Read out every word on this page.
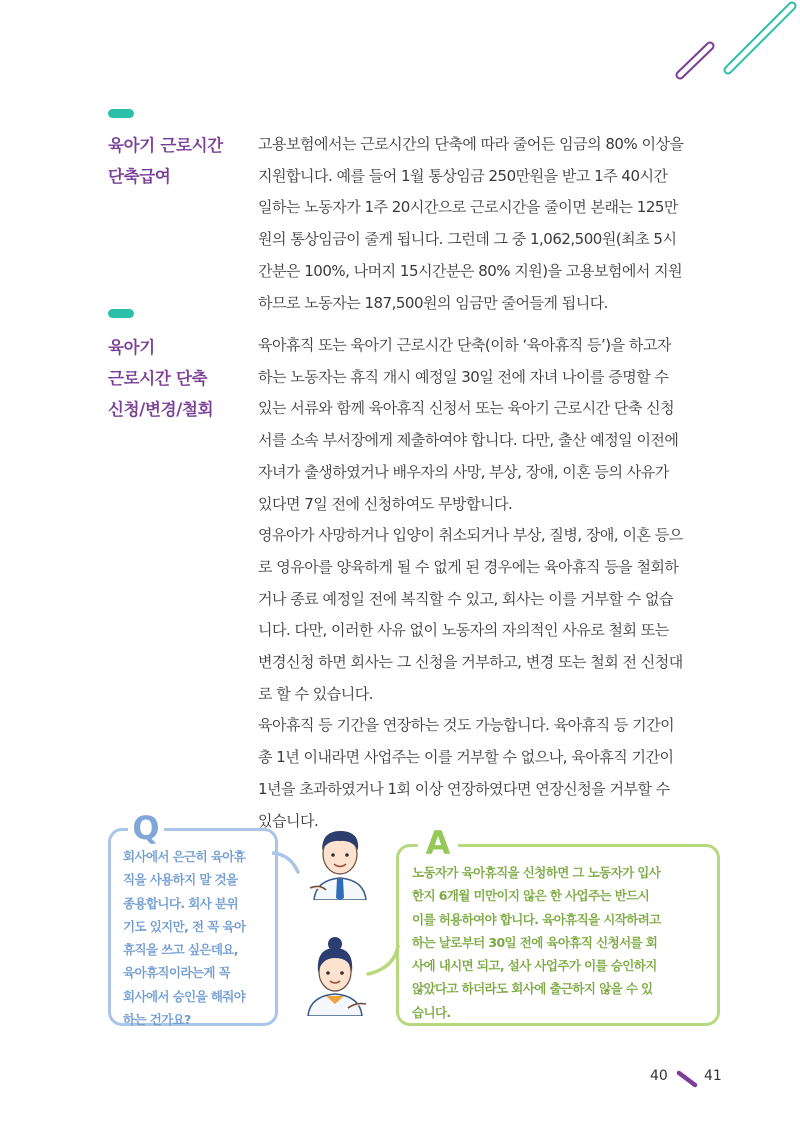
육아기 근로시간
단축급여
고용보험에서는 근로시간의 단축에 따라 줄어든 임금의 80% 이상을
지원합니다. 예를 들어 1월 통상임금 250만원을 받고 1주 40시간
일하는 노동자가 1주 20시간으로 근로시간을 줄이면 본래는 125만
원의 통상임금이 줄게 됩니다. 그런데 그 중 1,062,500원(최초 5시
간분은 100%, 나머지 15시간분은 80% 지원)을 고용보험에서 지원
하므로 노동자는 187,500원의 임금만 줄어들게 됩니다.
육아기
근로시간 단축
신청/변경/철회
육아휴직 또는 육아기 근로시간 단축(이하 ‘육아휴직 등’)을 하고자
하는 노동자는 휴직 개시 예정일 30일 전에 자녀 나이를 증명할 수
있는 서류와 함께 육아휴직 신청서 또는 육아기 근로시간 단축 신청
서를 소속 부서장에게 제출하여야 합니다. 다만, 출산 예정일 이전에
자녀가 출생하였거나 배우자의 사망, 부상, 장애, 이혼 등의 사유가
있다면 7일 전에 신청하여도 무방합니다.
영유아가 사망하거나 입양이 취소되거나 부상, 질병, 장애, 이혼 등으
로 영유아를 양육하게 될 수 없게 된 경우에는 육아휴직 등을 철회하
거나 종료 예정일 전에 복직할 수 있고, 회사는 이를 거부할 수 없습
니다. 다만, 이러한 사유 없이 노동자의 자의적인 사유로 철회 또는
변경신청 하면 회사는 그 신청을 거부하고, 변경 또는 철회 전 신청대
로 할 수 있습니다.
육아휴직 등 기간을 연장하는 것도 가능합니다. 육아휴직 등 기간이
총 1년 이내라면 사업주는 이를 거부할 수 없으나, 육아휴직 기간이
1년을 초과하였거나 1회 이상 연장하였다면 연장신청을 거부할 수
있습니다.
Q
회사에서 은근히 육아휴
직을 사용하지 말 것을
종용합니다. 회사 분위
기도 있지만, 전 꼭 육아
휴직을 쓰고 싶은데요,
육아휴직이라는게 꼭
회사에서 승인을 해줘야
하는 건가요?
A
노동자가 육아휴직을 신청하면 그 노동자가 입사
한지 6개월 미만이지 않은 한 사업주는 반드시
이를 허용하여야 합니다. 육아휴직을 시작하려고
하는 날로부터 30일 전에 육아휴직 신청서를 회
사에 내시면 되고, 설사 사업주가 이를 승인하지
않았다고 하더라도 회사에 출근하지 않을 수 있
습니다.
40	41
